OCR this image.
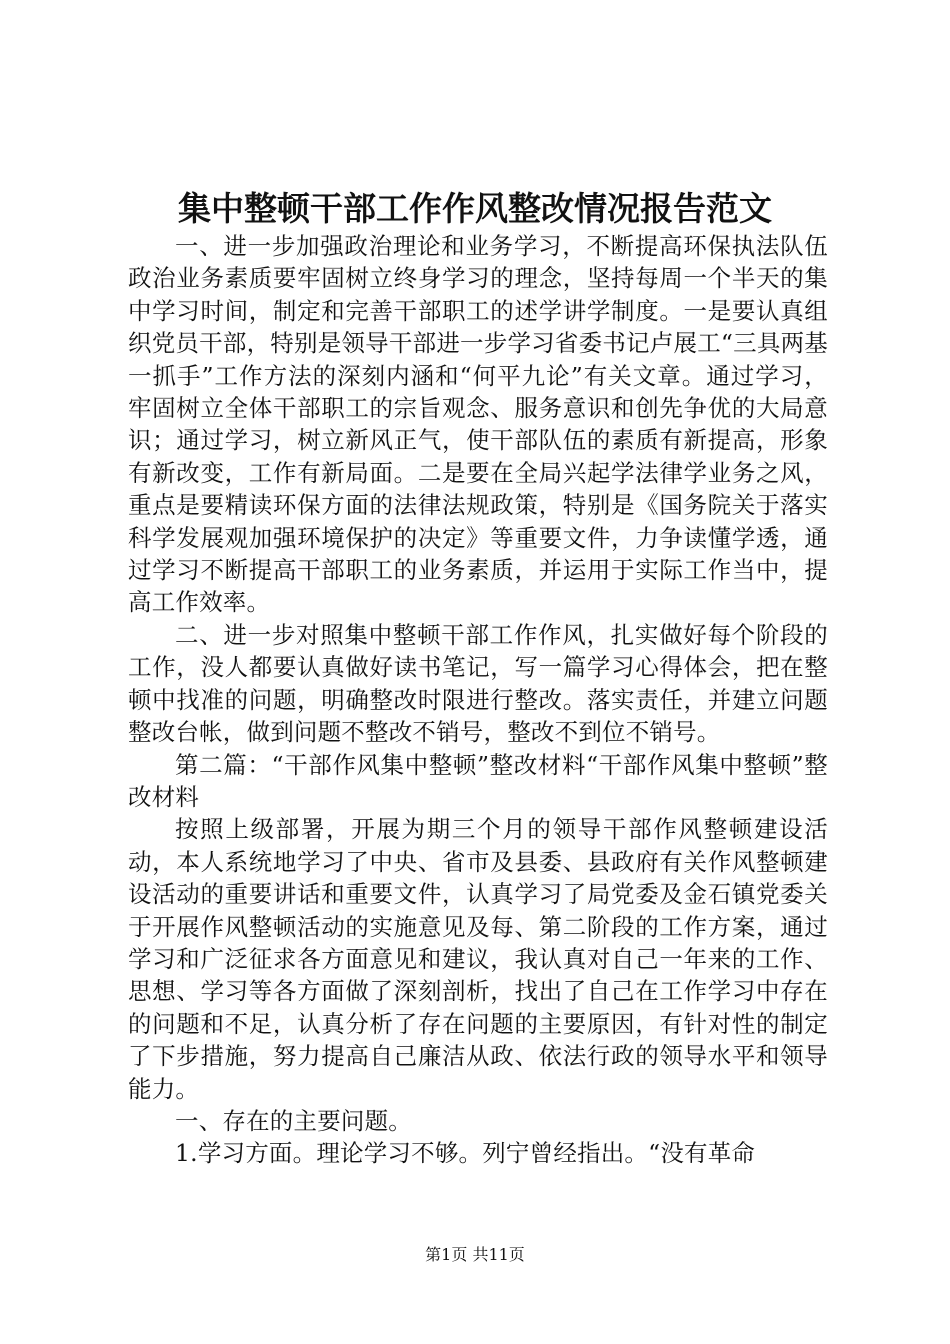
集中整顿干部工作作风整改情况报告范文

一、进一步加强政治理论和业务学习，不断提高环保执法队伍政治业务素质要牢固树立终身学习的理念，坚持每周一个半天的集中学习时间，制定和完善干部职工的述学讲学制度。一是要认真组织党员干部，特别是领导干部进一步学习省委书记卢展工“三具两基一抓手”工作方法的深刻内涵和“何平九论”有关文章。通过学习，牢固树立全体干部职工的宗旨观念、服务意识和创先争优的大局意识；通过学习，树立新风正气，使干部队伍的素质有新提高，形象有新改变，工作有新局面。二是要在全局兴起学法律学业务之风，重点是要精读环保方面的法律法规政策，特别是《国务院关于落实科学发展观加强环境保护的决定》等重要文件，力争读懂学透，通过学习不断提高干部职工的业务素质，并运用于实际工作当中，提高工作效率。

二、进一步对照集中整顿干部工作作风，扎实做好每个阶段的工作，没人都要认真做好读书笔记，写一篇学习心得体会，把在整顿中找准的问题，明确整改时限进行整改。落实责任，并建立问题整改台帐，做到问题不整改不销号，整改不到位不销号。

第二篇：“干部作风集中整顿”整改材料“干部作风集中整顿”整改材料

按照上级部署，开展为期三个月的领导干部作风整顿建设活动，本人系统地学习了中央、省市及县委、县政府有关作风整顿建设活动的重要讲话和重要文件，认真学习了局党委及金石镇党委关于开展作风整顿活动的实施意见及每、第二阶段的工作方案，通过学习和广泛征求各方面意见和建议，我认真对自己一年来的工作、思想、学习等各方面做了深刻剖析，找出了自己在工作学习中存在的问题和不足，认真分析了存在问题的主要原因，有针对性的制定了下步措施，努力提高自己廉洁从政、依法行政的领导水平和领导能力。

一、存在的主要问题。

1.学习方面。理论学习不够。列宁曾经指出。“没有革命

第1页 共11页
